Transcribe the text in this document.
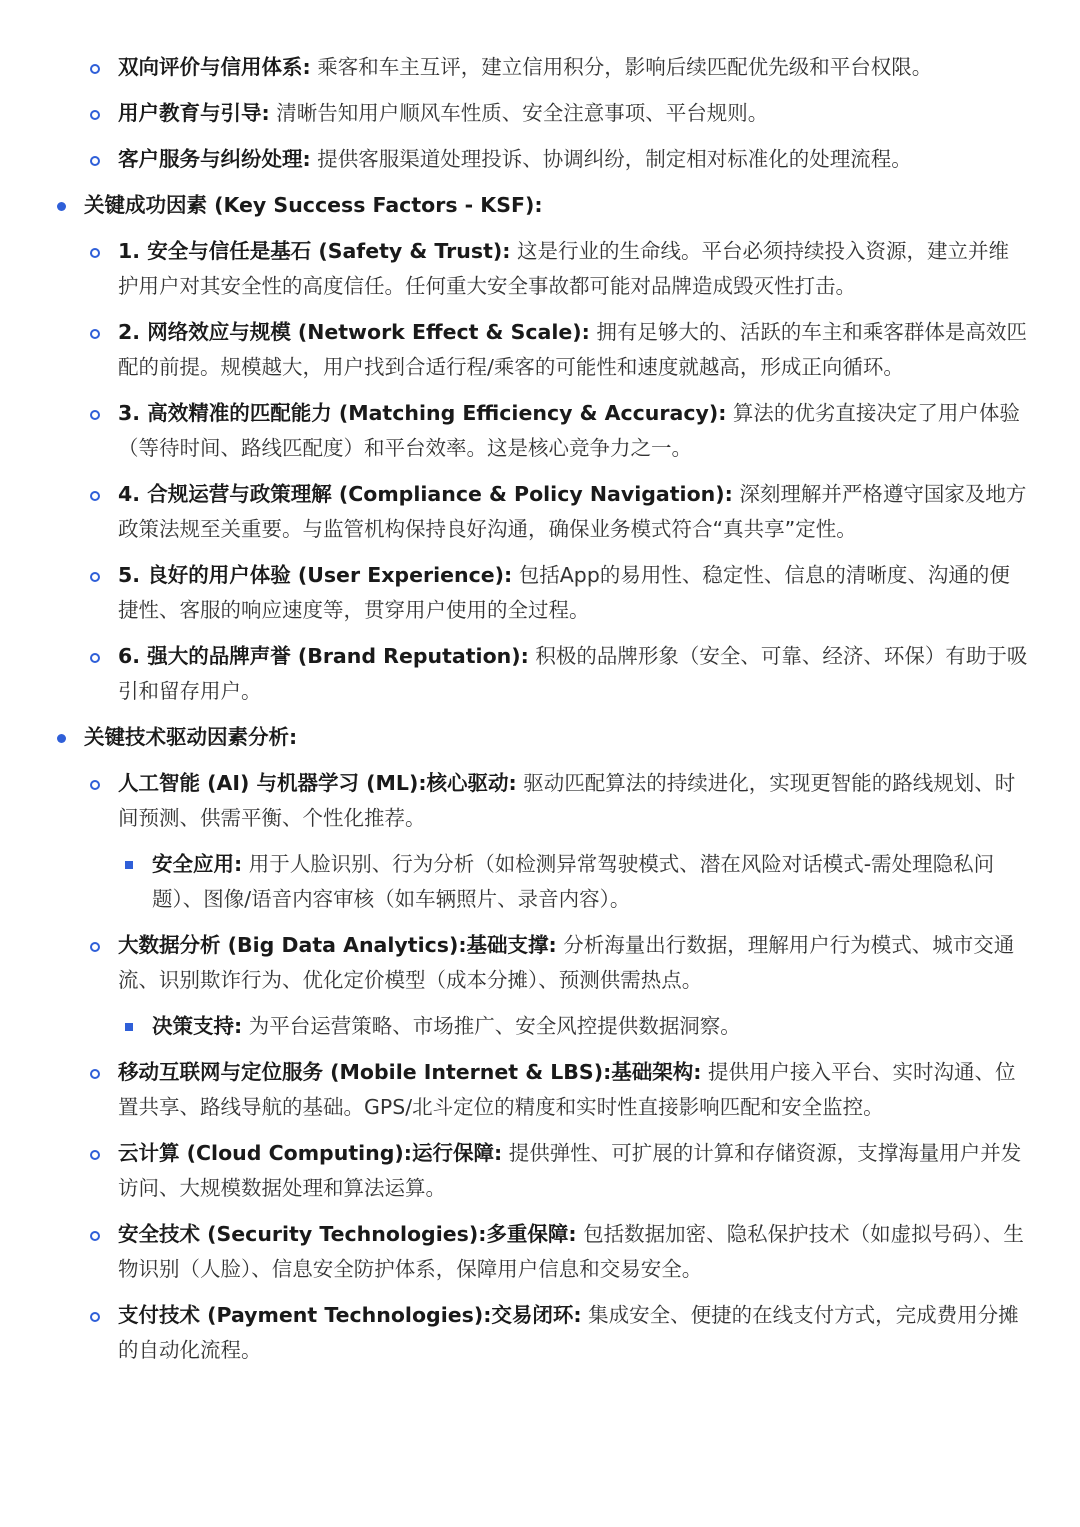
双向评价与信用体系: 乘客和车主互评，建立信用积分，影响后续匹配优先级和平台权限。
用户教育与引导: 清晰告知用户顺风车性质、安全注意事项、平台规则。
客户服务与纠纷处理: 提供客服渠道处理投诉、协调纠纷，制定相对标准化的处理流程。
关键成功因素 (Key Success Factors - KSF):
1. 安全与信任是基石 (Safety & Trust): 这是行业的生命线。平台必须持续投入资源，建立并维护用户对其安全性的高度信任。任何重大安全事故都可能对品牌造成毁灭性打击。
2. 网络效应与规模 (Network Effect & Scale): 拥有足够大的、活跃的车主和乘客群体是高效匹配的前提。规模越大，用户找到合适行程/乘客的可能性和速度就越高，形成正向循环。
3. 高效精准的匹配能力 (Matching Efficiency & Accuracy): 算法的优劣直接决定了用户体验（等待时间、路线匹配度）和平台效率。这是核心竞争力之一。
4. 合规运营与政策理解 (Compliance & Policy Navigation): 深刻理解并严格遵守国家及地方政策法规至关重要。与监管机构保持良好沟通，确保业务模式符合“真共享”定性。
5. 良好的用户体验 (User Experience): 包括App的易用性、稳定性、信息的清晰度、沟通的便捷性、客服的响应速度等，贯穿用户使用的全过程。
6. 强大的品牌声誉 (Brand Reputation): 积极的品牌形象（安全、可靠、经济、环保）有助于吸引和留存用户。
关键技术驱动因素分析:
人工智能 (AI) 与机器学习 (ML):核心驱动: 驱动匹配算法的持续进化，实现更智能的路线规划、时间预测、供需平衡、个性化推荐。
安全应用: 用于人脸识别、行为分析（如检测异常驾驶模式、潜在风险对话模式-需处理隐私问题）、图像/语音内容审核（如车辆照片、录音内容）。
大数据分析 (Big Data Analytics):基础支撑: 分析海量出行数据，理解用户行为模式、城市交通流、识别欺诈行为、优化定价模型（成本分摊）、预测供需热点。
决策支持: 为平台运营策略、市场推广、安全风控提供数据洞察。
移动互联网与定位服务 (Mobile Internet & LBS):基础架构: 提供用户接入平台、实时沟通、位置共享、路线导航的基础。GPS/北斗定位的精度和实时性直接影响匹配和安全监控。
云计算 (Cloud Computing):运行保障: 提供弹性、可扩展的计算和存储资源，支撑海量用户并发访问、大规模数据处理和算法运算。
安全技术 (Security Technologies):多重保障: 包括数据加密、隐私保护技术（如虚拟号码）、生物识别（人脸）、信息安全防护体系，保障用户信息和交易安全。
支付技术 (Payment Technologies):交易闭环: 集成安全、便捷的在线支付方式，完成费用分摊的自动化流程。
